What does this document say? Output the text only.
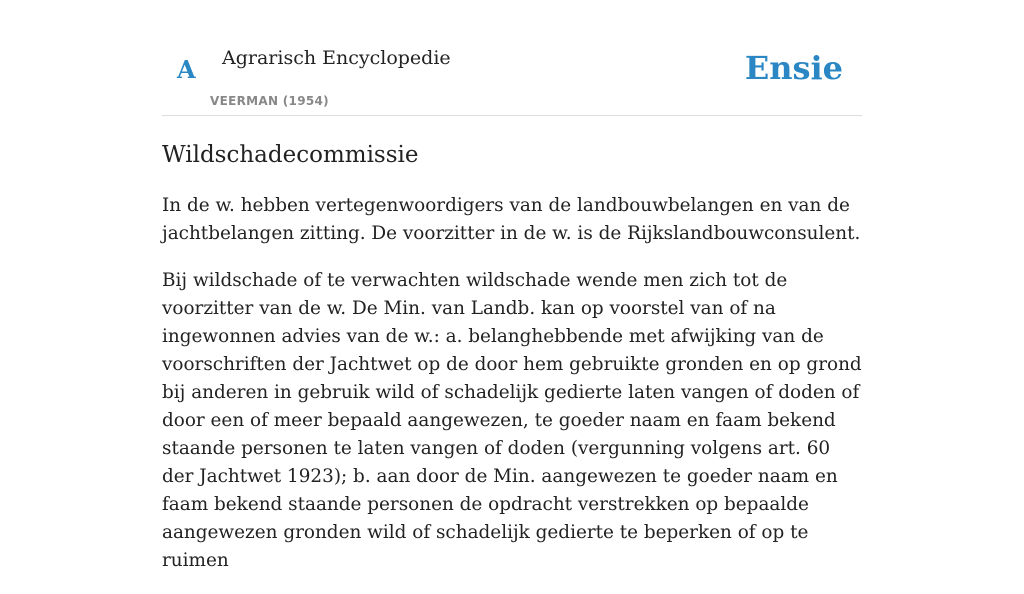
A Agrarisch Encyclopedie
VEERMAN (1954)
Ensie
Wildschadecommissie

In de w. hebben vertegenwoordigers van de landbouwbelangen en van de jachtbelangen zitting. De voorzitter in de w. is de Rijkslandbouwconsulent.

Bij wildschade of te verwachten wildschade wende men zich tot de voorzitter van de w. De Min. van Landb. kan op voorstel van of na ingewonnen advies van de w.: a. belanghebbende met afwijking van de voorschriften der Jachtwet op de door hem gebruikte gronden en op grond bij anderen in gebruik wild of schadelijk gedierte laten vangen of doden of door een of meer bepaald aangewezen, te goeder naam en faam bekend staande personen te laten vangen of doden (vergunning volgens art. 60 der Jachtwet 1923); b. aan door de Min. aangewezen te goeder naam en faam bekend staande personen de opdracht verstrekken op bepaalde aangewezen gronden wild of schadelijk gedierte te beperken of op te ruimen
